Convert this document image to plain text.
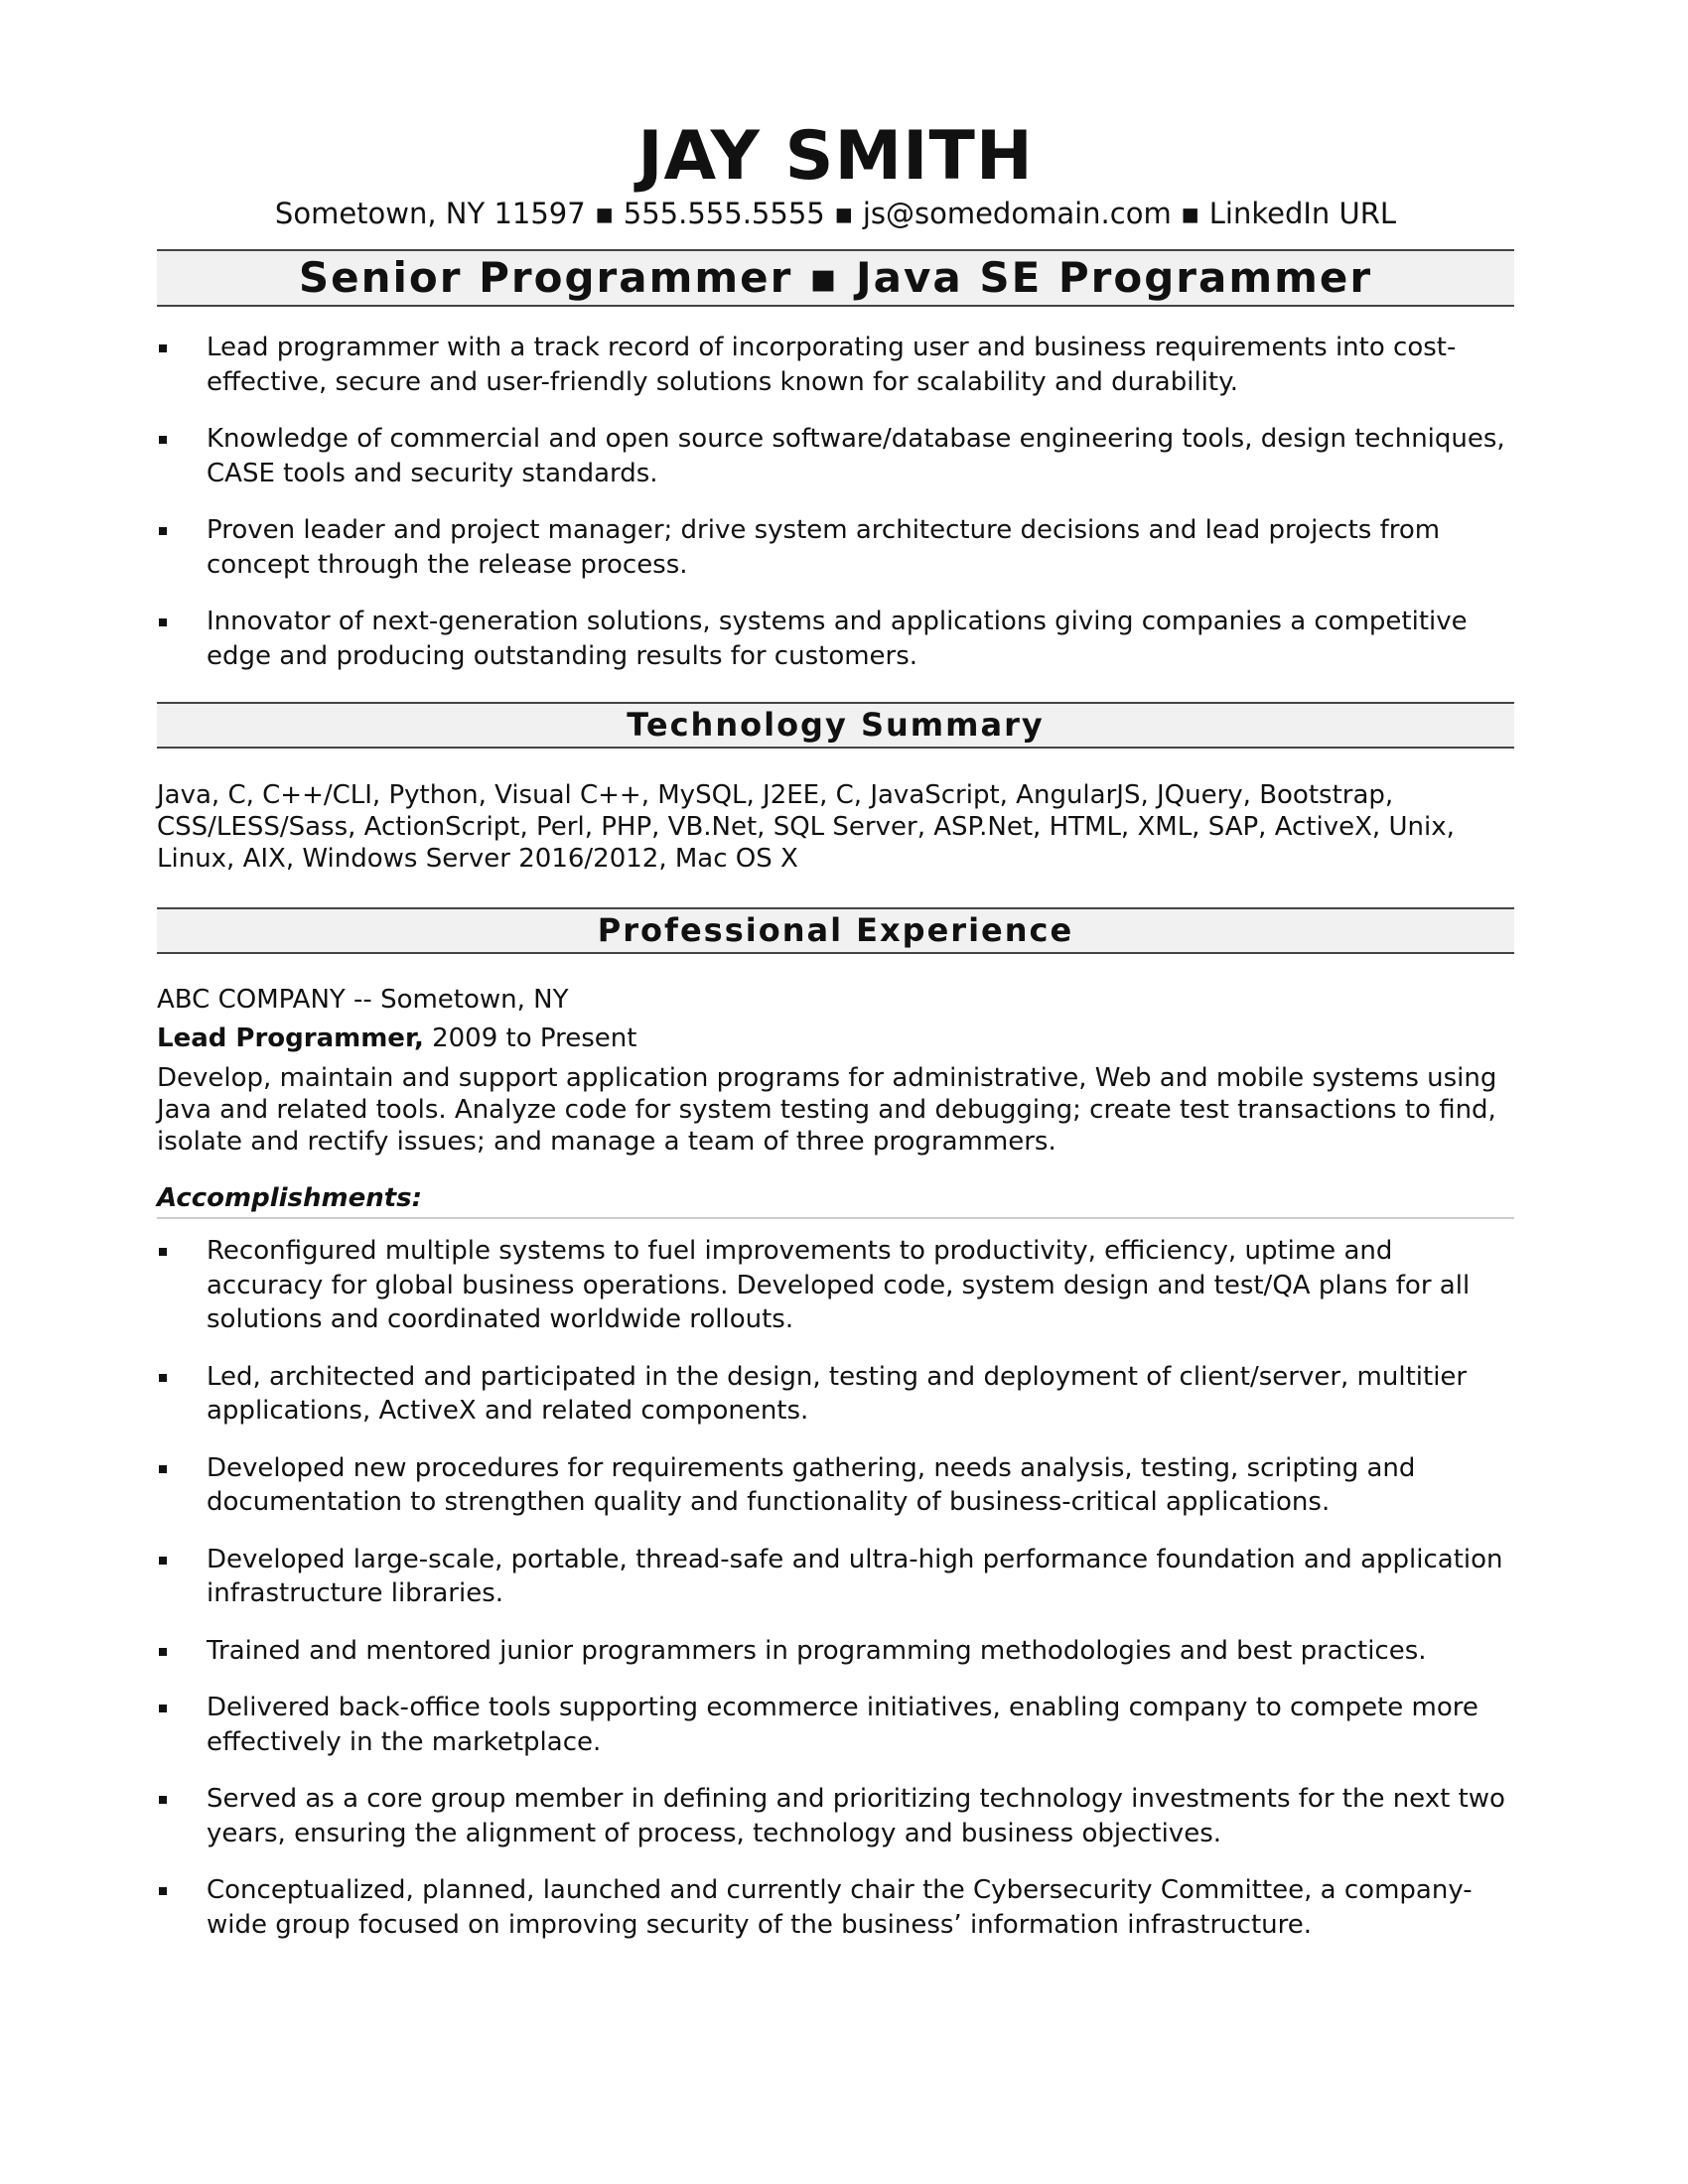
JAY SMITH
Sometown, NY 11597 ▪ 555.555.5555 ▪ js@somedomain.com ▪ LinkedIn URL
Senior Programmer ▪ Java SE Programmer
Lead programmer with a track record of incorporating user and business requirements into cost-effective, secure and user-friendly solutions known for scalability and durability.
Knowledge of commercial and open source software/database engineering tools, design techniques, CASE tools and security standards.
Proven leader and project manager; drive system architecture decisions and lead projects from concept through the release process.
Innovator of next-generation solutions, systems and applications giving companies a competitive edge and producing outstanding results for customers.
Technology Summary
Java, C, C++/CLI, Python, Visual C++, MySQL, J2EE, C, JavaScript, AngularJS, JQuery, Bootstrap, CSS/LESS/Sass, ActionScript, Perl, PHP, VB.Net, SQL Server, ASP.Net, HTML, XML, SAP, ActiveX, Unix, Linux, AIX, Windows Server 2016/2012, Mac OS X
Professional Experience
ABC COMPANY -- Sometown, NY
Lead Programmer, 2009 to Present
Develop, maintain and support application programs for administrative, Web and mobile systems using Java and related tools. Analyze code for system testing and debugging; create test transactions to find, isolate and rectify issues; and manage a team of three programmers.
Accomplishments:
Reconfigured multiple systems to fuel improvements to productivity, efficiency, uptime and accuracy for global business operations. Developed code, system design and test/QA plans for all solutions and coordinated worldwide rollouts.
Led, architected and participated in the design, testing and deployment of client/server, multitier applications, ActiveX and related components.
Developed new procedures for requirements gathering, needs analysis, testing, scripting and documentation to strengthen quality and functionality of business-critical applications.
Developed large-scale, portable, thread-safe and ultra-high performance foundation and application infrastructure libraries.
Trained and mentored junior programmers in programming methodologies and best practices.
Delivered back-office tools supporting ecommerce initiatives, enabling company to compete more effectively in the marketplace.
Served as a core group member in defining and prioritizing technology investments for the next two years, ensuring the alignment of process, technology and business objectives.
Conceptualized, planned, launched and currently chair the Cybersecurity Committee, a company-wide group focused on improving security of the business’ information infrastructure.
